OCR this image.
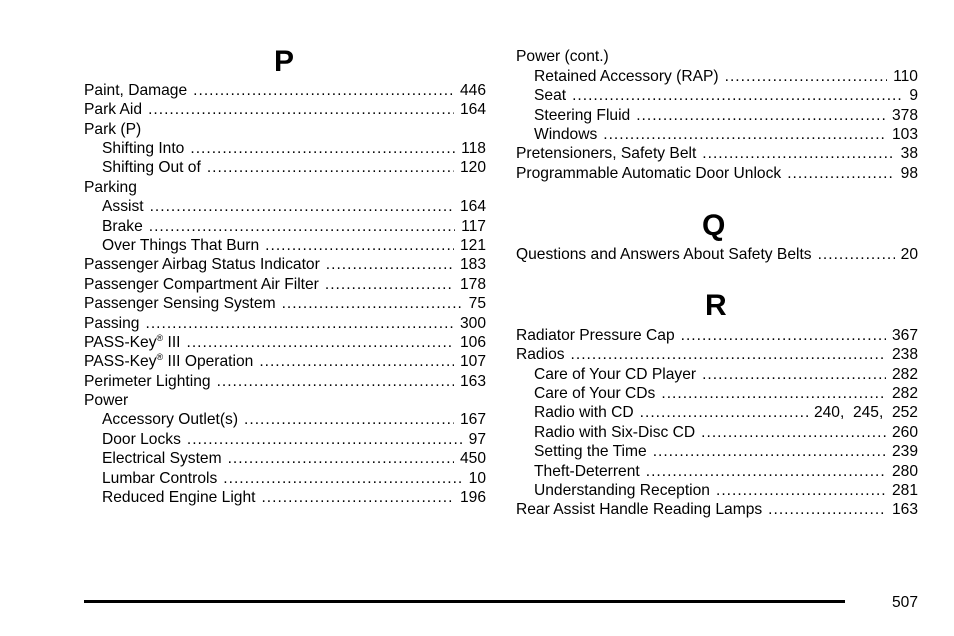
P
Paint, Damage .....	446
Park Aid .....	164
Park (P)
Shifting Into .....	118
Shifting Out of .....	120
Parking
Assist .....	164
Brake .....	117
Over Things That Burn .....	121
Passenger Airbag Status Indicator .....	183
Passenger Compartment Air Filter .....	178
Passenger Sensing System .....	75
Passing .....	300
PASS-Key® III .....	106
PASS-Key® III Operation .....	107
Perimeter Lighting .....	163
Power
Accessory Outlet(s) .....	167
Door Locks .....	97
Electrical System .....	450
Lumbar Controls .....	10
Reduced Engine Light .....	196
Power (cont.)
Retained Accessory (RAP) .....	110
Seat .....	9
Steering Fluid .....	378
Windows .....	103
Pretensioners, Safety Belt .....	38
Programmable Automatic Door Unlock .....	98
Q
Questions and Answers About Safety Belts .....	20
R
Radiator Pressure Cap .....	367
Radios .....	238
Care of Your CD Player .....	282
Care of Your CDs .....	282
Radio with CD .....	240,  245,  252
Radio with Six-Disc CD .....	260
Setting the Time .....	239
Theft-Deterrent .....	280
Understanding Reception .....	281
Rear Assist Handle Reading Lamps .....	163
507
